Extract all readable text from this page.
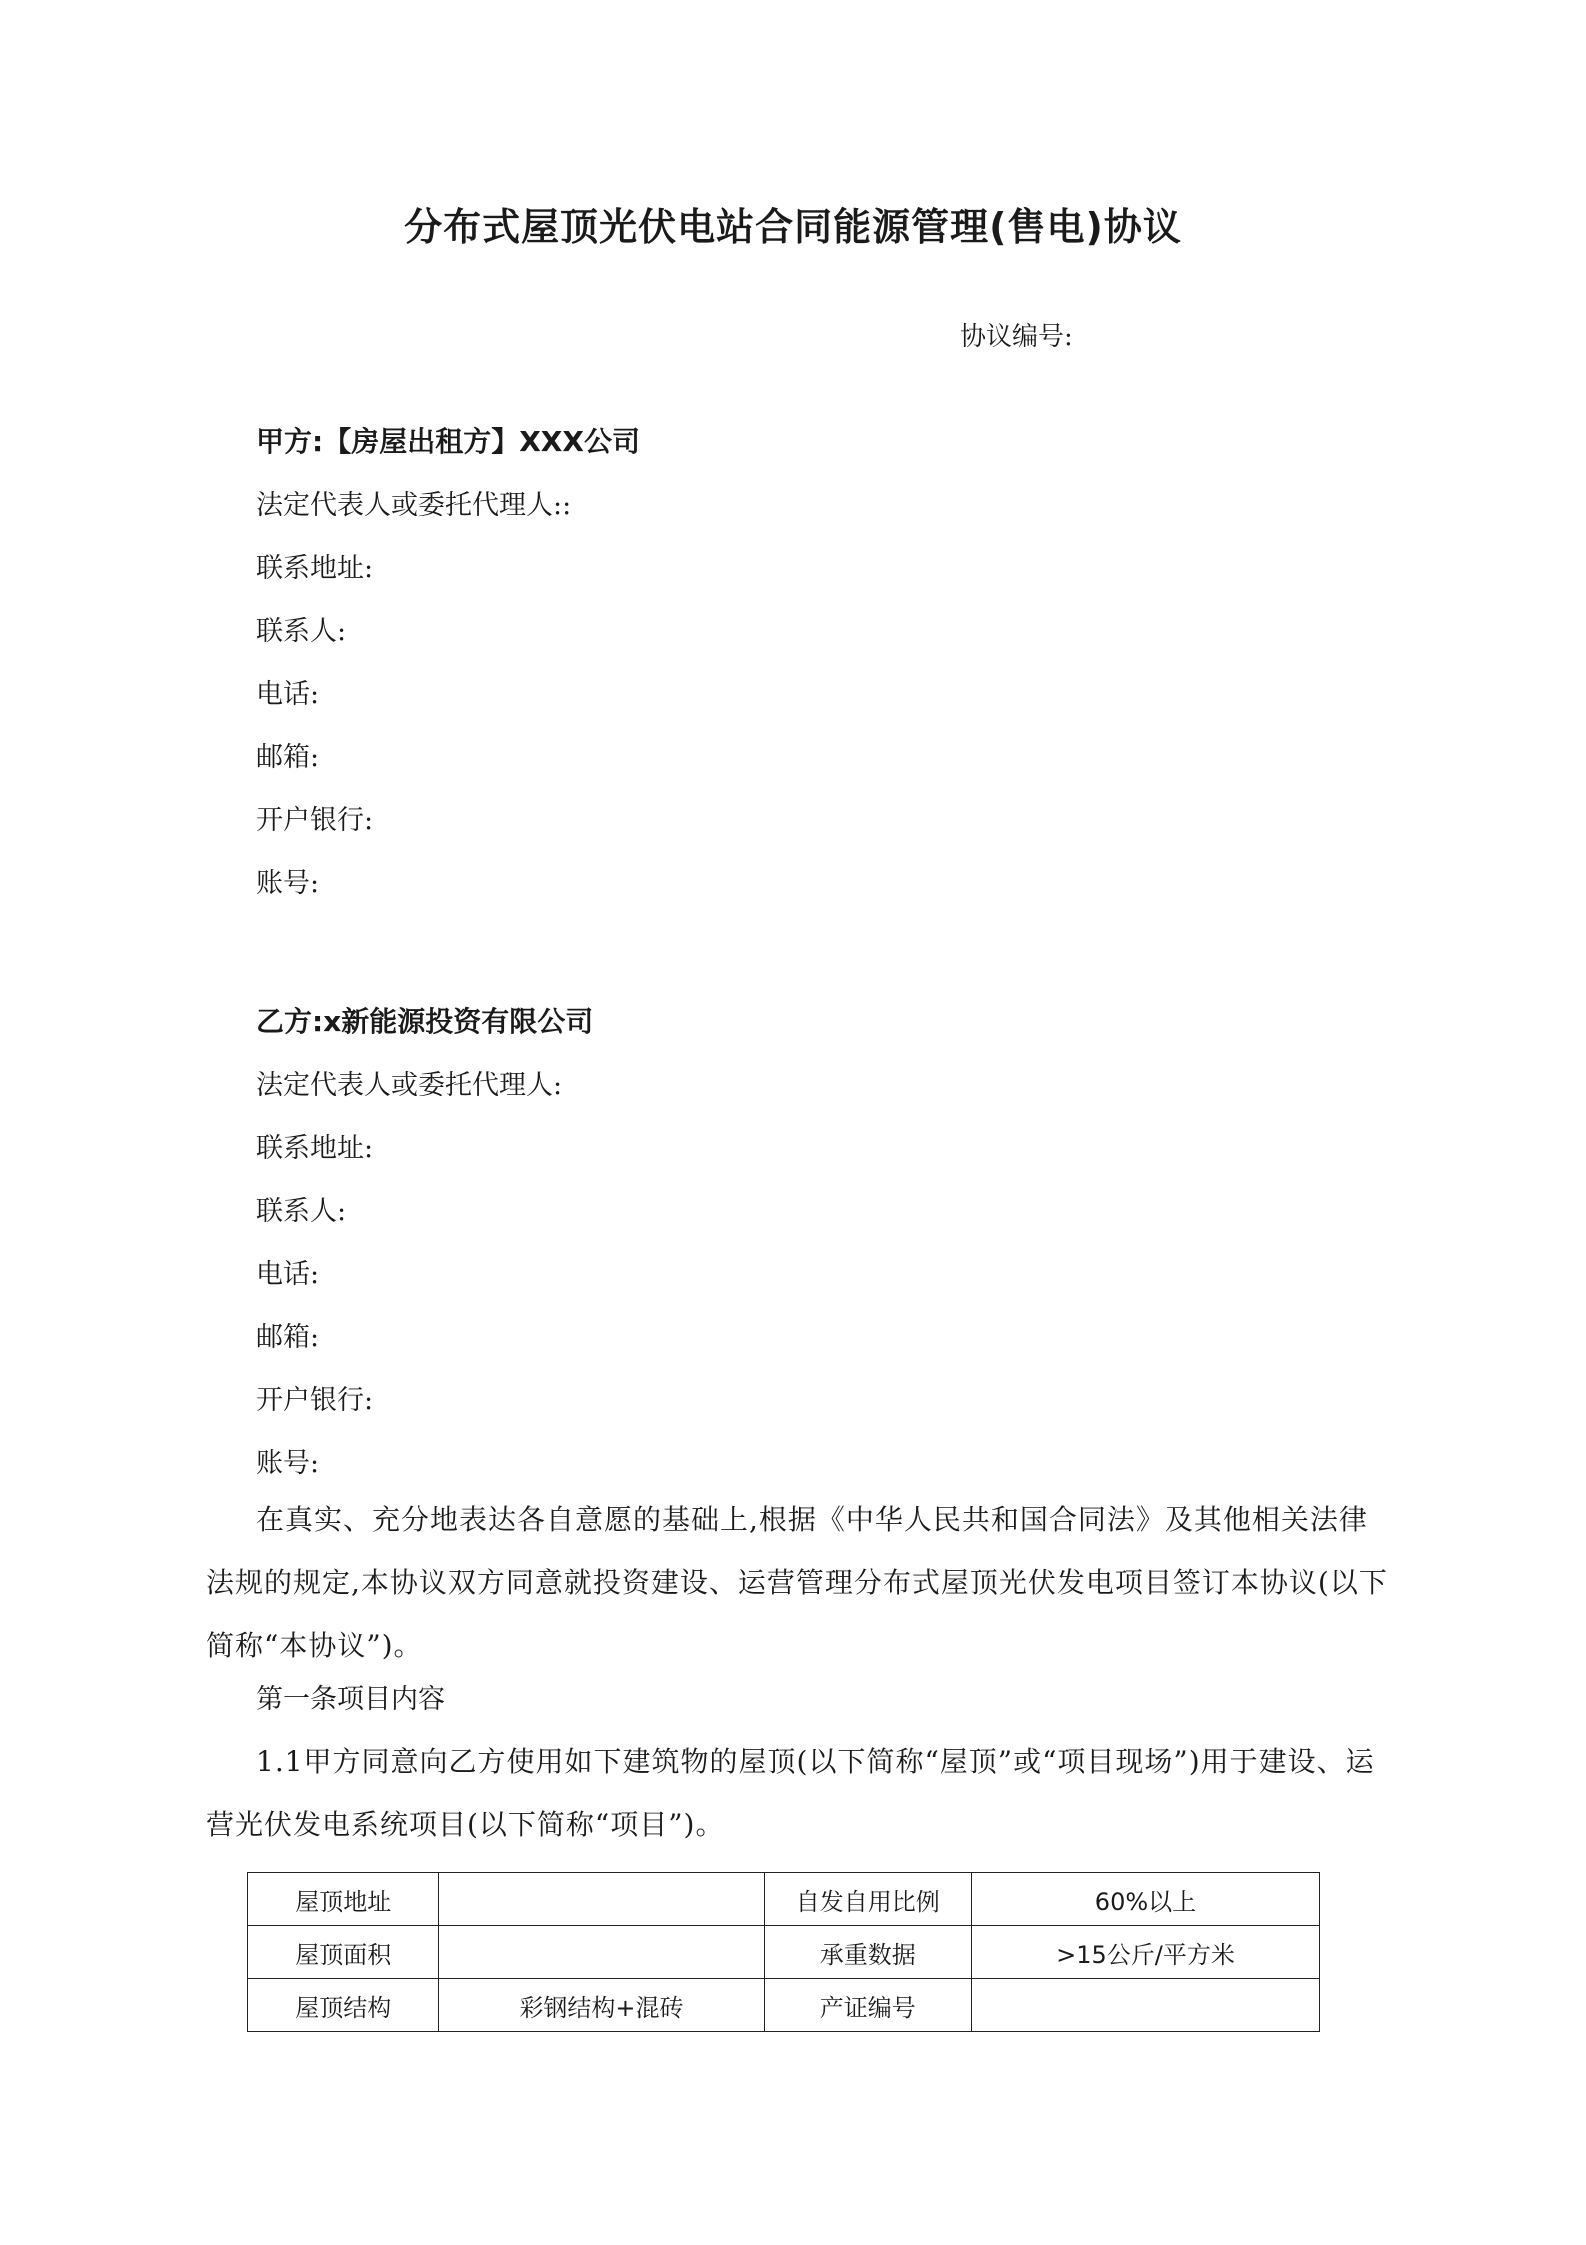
分布式屋顶光伏电站合同能源管理(售电)协议
协议编号:
甲方:【房屋出租方】XXX公司
法定代表人或委托代理人::
联系地址:
联系人:
电话:
邮箱:
开户银行:
账号:
乙方:x新能源投资有限公司
法定代表人或委托代理人:
联系地址:
联系人:
电话:
邮箱:
开户银行:
账号:

在真实、充分地表达各自意愿的基础上,根据《中华人民共和国合同法》及其他相关法律法规的规定,本协议双方同意就投资建设、运营管理分布式屋顶光伏发电项目签订本协议(以下简称“本协议”)。

第一条项目内容

1.1甲方同意向乙方使用如下建筑物的屋顶(以下简称“屋顶”或“项目现场”)用于建设、运营光伏发电系统项目(以下简称“项目”)。

屋顶地址		自发自用比例	60%以上
屋顶面积		承重数据	>15公斤/平方米
屋顶结构	彩钢结构+混砖	产证编号	
